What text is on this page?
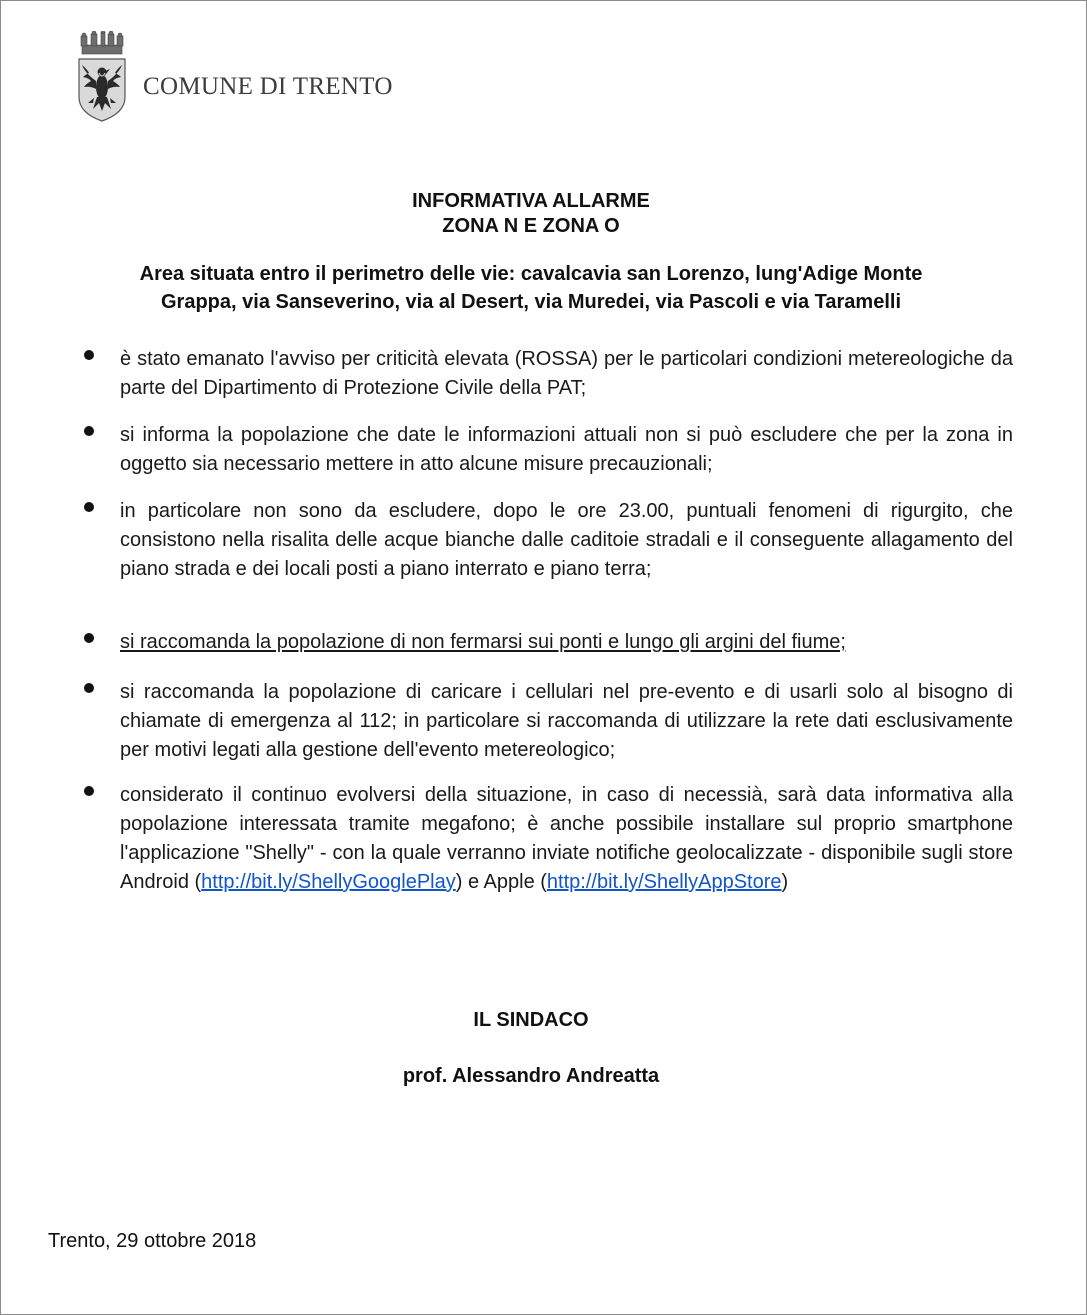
COMUNE DI TRENTO
INFORMATIVA ALLARME
ZONA N E ZONA O
Area situata entro il perimetro delle vie: cavalcavia san Lorenzo, lung'Adige Monte
Grappa, via Sanseverino, via al Desert, via Muredei, via Pascoli e via Taramelli
è stato emanato l'avviso per criticità elevata (ROSSA) per le particolari condizioni metereologiche da parte del Dipartimento di Protezione Civile della PAT;
si informa la popolazione che date le informazioni attuali non si può escludere che per la zona in oggetto sia necessario mettere in atto alcune misure precauzionali;
in particolare non sono da escludere, dopo le ore 23.00, puntuali fenomeni di rigurgito, che consistono nella risalita delle acque bianche dalle caditoie stradali e il conseguente allagamento del piano strada e dei locali posti a piano interrato e piano terra;
si raccomanda la popolazione di non fermarsi sui ponti e lungo gli argini del fiume;
si raccomanda la popolazione di caricare i cellulari nel pre-evento e di usarli solo al bisogno di chiamate di emergenza al 112; in particolare si raccomanda di utilizzare la rete dati esclusivamente per motivi legati alla gestione dell'evento metereologico;
considerato il continuo evolversi della situazione, in caso di necessià, sarà data informativa alla popolazione interessata tramite megafono; è anche possibile installare sul proprio smartphone l'applicazione "Shelly" - con la quale verranno inviate notifiche geolocalizzate - disponibile sugli store Android (http://bit.ly/ShellyGooglePlay) e Apple (http://bit.ly/ShellyAppStore)
IL SINDACO
prof. Alessandro Andreatta
Trento, 29 ottobre 2018
